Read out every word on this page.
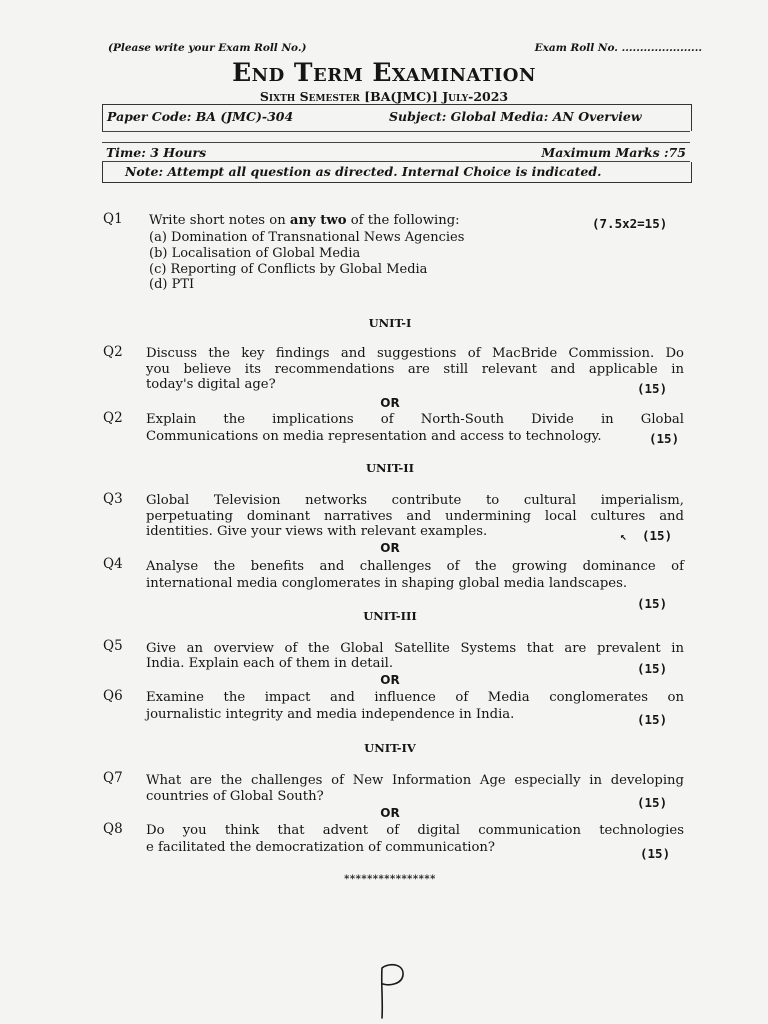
(Please write your Exam Roll No.)	Exam Roll No. ......................
End Term Examination
Sixth Semester [BA(JMC)] July-2023
Paper Code: BA (JMC)-304	Subject: Global Media: AN Overview
Time: 3 Hours	Maximum Marks :75
Note: Attempt all question as directed. Internal Choice is indicated.
Q1 Write short notes on any two of the following:	(7.5x2=15)
(a) Domination of Transnational News Agencies
(b) Localisation of Global Media
(c) Reporting of Conflicts by Global Media
(d) PTI
UNIT-I
Q2 Discuss the key findings and suggestions of MacBride Commission. Do
you believe its recommendations are still relevant and applicable in
today's digital age?	(15)
OR
Q2 Explain the implications of North-South Divide in Global
Communications on media representation and access to technology.	(15)
UNIT-II
Q3 Global Television networks contribute to cultural imperialism,
perpetuating dominant narratives and undermining local cultures and
identities. Give your views with relevant examples.	↖ (15)
OR
Q4 Analyse the benefits and challenges of the growing dominance of
international media conglomerates in shaping global media landscapes.
(15)
UNIT-III
Q5 Give an overview of the Global Satellite Systems that are prevalent in
India. Explain each of them in detail.	(15)
OR
Q6 Examine the impact and influence of Media conglomerates on
journalistic integrity and media independence in India.	(15)
UNIT-IV
Q7 What are the challenges of New Information Age especially in developing
countries of Global South?	(15)
OR
Q8 Do you think that advent of digital communication technologies
e facilitated the democratization of communication?	(15)
****************
